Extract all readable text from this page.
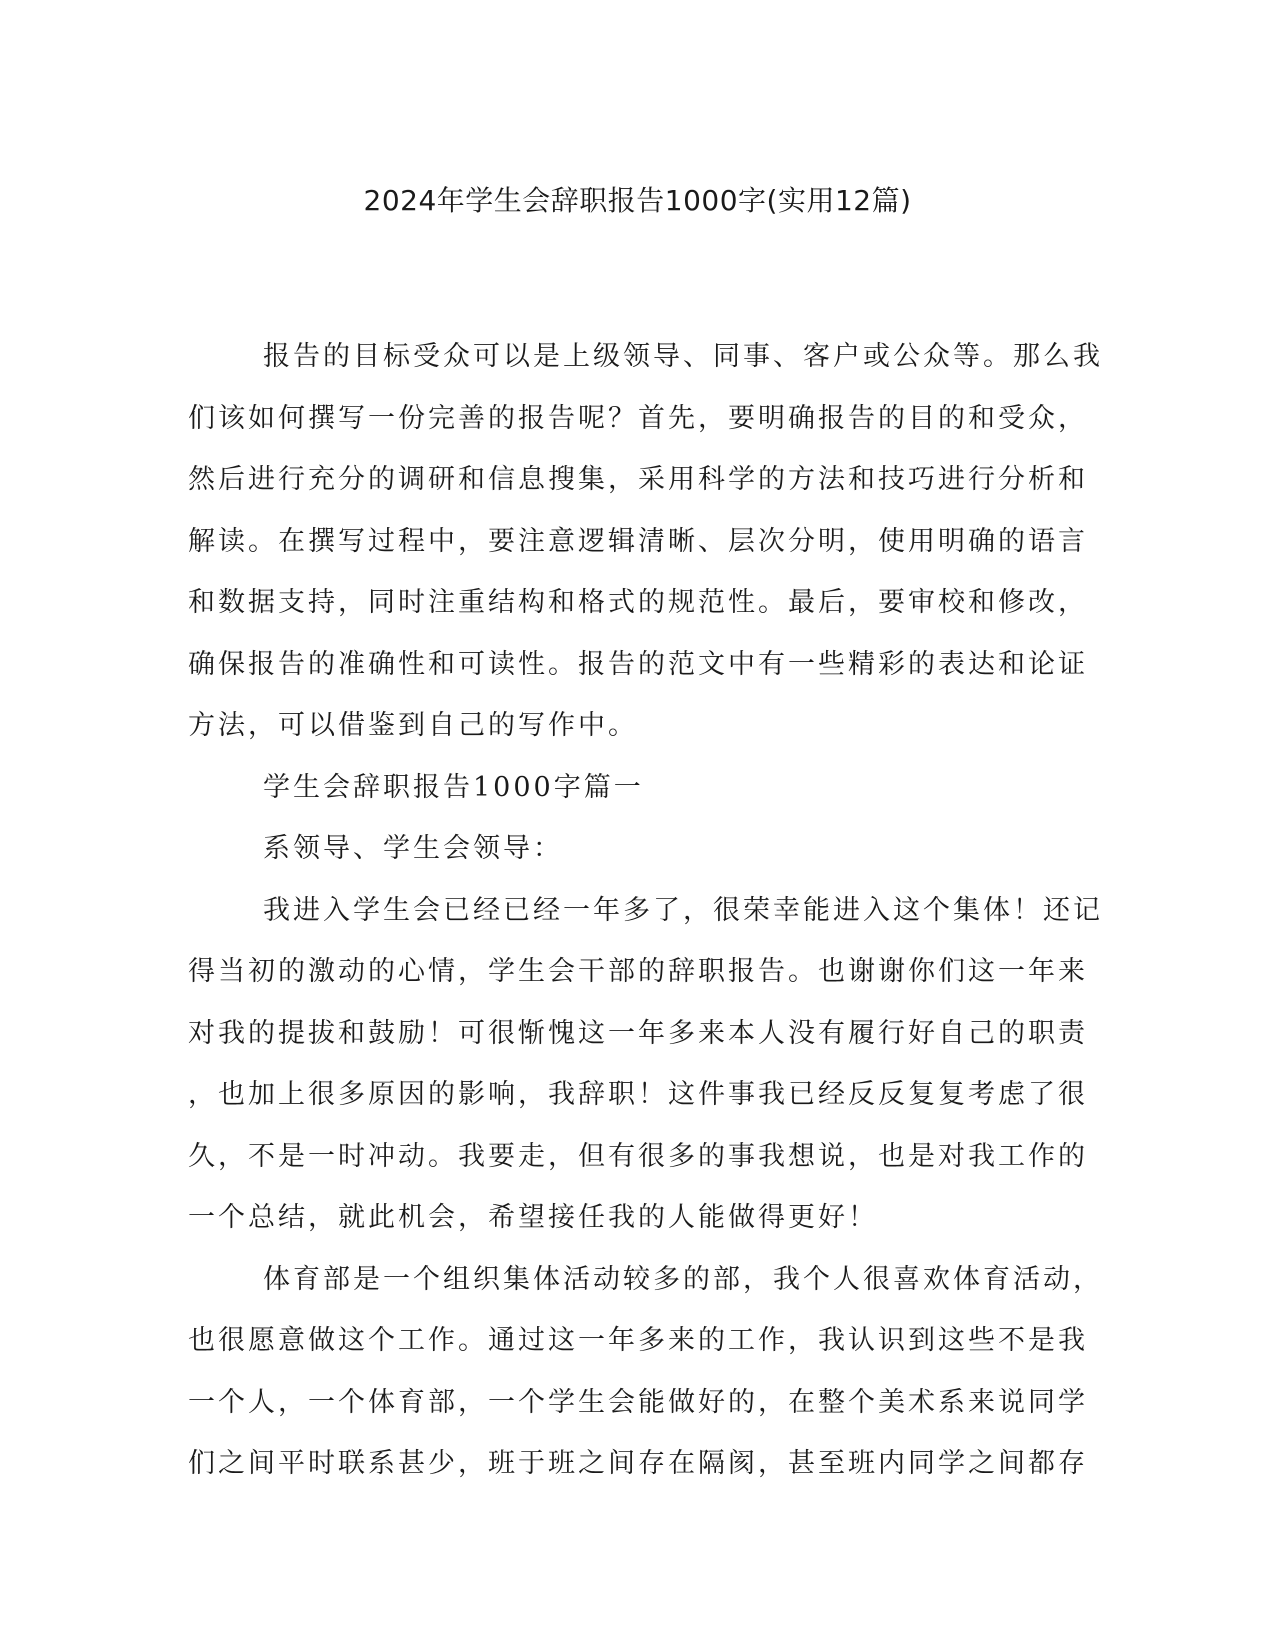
2024年学生会辞职报告1000字(实用12篇)
报告的目标受众可以是上级领导、同事、客户或公众等。那么我
们该如何撰写一份完善的报告呢？首先，要明确报告的目的和受众，
然后进行充分的调研和信息搜集，采用科学的方法和技巧进行分析和
解读。在撰写过程中，要注意逻辑清晰、层次分明，使用明确的语言
和数据支持，同时注重结构和格式的规范性。最后，要审校和修改，
确保报告的准确性和可读性。报告的范文中有一些精彩的表达和论证
方法，可以借鉴到自己的写作中。
学生会辞职报告1000字篇一
系领导、学生会领导：
我进入学生会已经已经一年多了，很荣幸能进入这个集体！还记
得当初的激动的心情，学生会干部的辞职报告。也谢谢你们这一年来
对我的提拔和鼓励！可很惭愧这一年多来本人没有履行好自己的职责
，也加上很多原因的影响，我辞职！这件事我已经反反复复考虑了很
久，不是一时冲动。我要走，但有很多的事我想说，也是对我工作的
一个总结，就此机会，希望接任我的人能做得更好！
体育部是一个组织集体活动较多的部，我个人很喜欢体育活动，
也很愿意做这个工作。通过这一年多来的工作，我认识到这些不是我
一个人，一个体育部，一个学生会能做好的，在整个美术系来说同学
们之间平时联系甚少，班于班之间存在隔阂，甚至班内同学之间都存
